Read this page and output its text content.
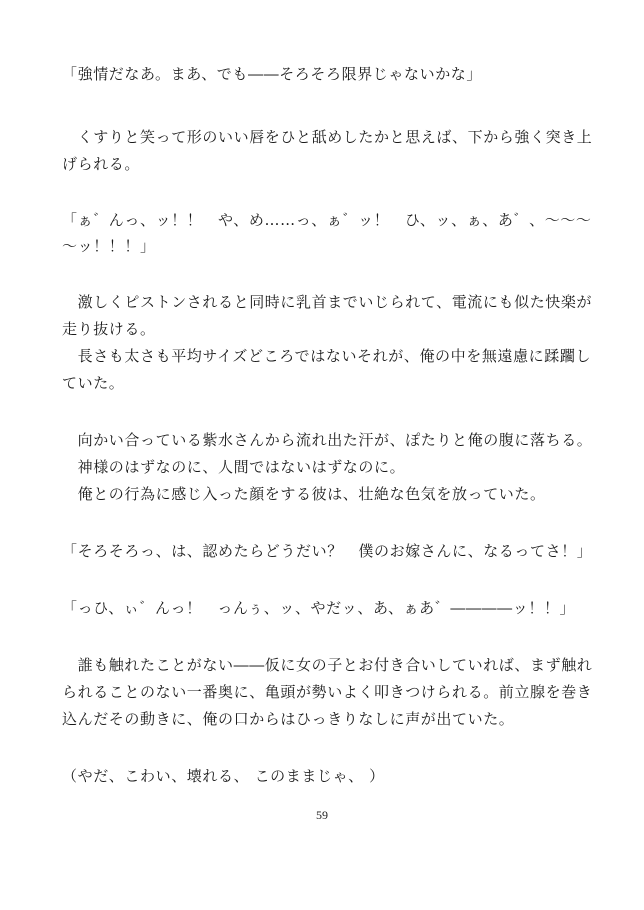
「強情だなあ。まあ、でも――そろそろ限界じゃないかな」
　くすりと笑って形のいい唇をひと舐めしたかと思えば、下から強く突き上
げられる。
「ぁ゛んっ、ッ！！　や、め……っ、ぁ゛ッ！　ひ、ッ、ぁ、あ゛、～～～
～ッ！！！」
　激しくピストンされると同時に乳首までいじられて、電流にも似た快楽が
走り抜ける。
　長さも太さも平均サイズどころではないそれが、俺の中を無遠慮に蹂躙し
ていた。
　向かい合っている紫水さんから流れ出た汗が、ぽたりと俺の腹に落ちる。
　神様のはずなのに、人間ではないはずなのに。
　俺との行為に感じ入った顔をする彼は、壮絶な色気を放っていた。
「そろそろっ、は、認めたらどうだい？　僕のお嫁さんに、なるってさ！」
「っひ、ぃ゛んっ！　っんぅ、ッ、やだッ、あ、ぁあ゛――――ッ！！」
　誰も触れたことがない――仮に女の子とお付き合いしていれば、まず触れ
られることのない一番奥に、亀頭が勢いよく叩きつけられる。前立腺を巻き
込んだその動きに、俺の口からはひっきりなしに声が出ていた。
（やだ、こわい、壊れる、 このままじゃ、 ）
59
